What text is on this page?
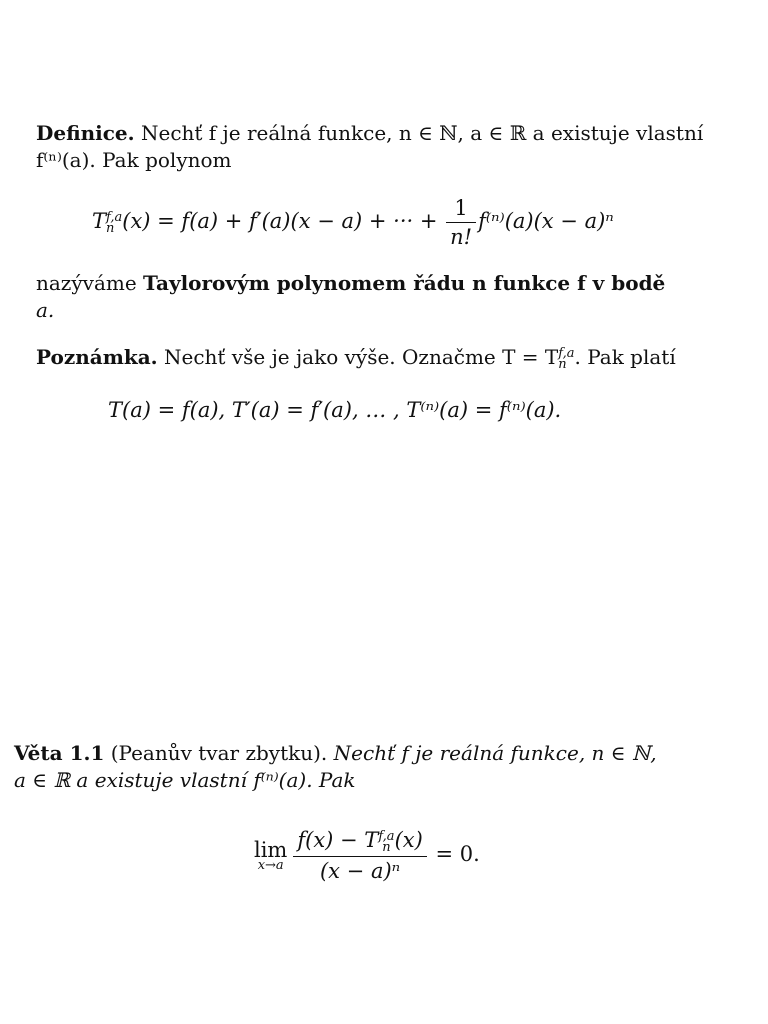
Definice. Nechť f je reálná funkce, n ∈ ℕ, a ∈ ℝ a existuje vlastní

f⁽ⁿ⁾(a). Pak polynom

T f,a
n (x) = f(a) + f′(a)(x − a) + ··· + $\frac{1}{n!} f^{(n)}(a)(x - a)^n$

nazýváme Taylorovým polynomem řádu n funkce f v bodě

a.

Poznámka. Nechť vše je jako výše. Označme T = T f,a
n . Pak platí

T(a) = f(a), T′(a) = f′(a), … , T⁽ⁿ⁾(a) = f⁽ⁿ⁾(a).

Věta 1.1 (Peanův tvar zbytku). Nechť f je reálná funkce, n ∈ ℕ,

a ∈ ℝ a existuje vlastní f⁽ⁿ⁾(a). Pak

lim
x→a f(x) − T f,a
n (x)
(x − a)ⁿ = 0.
